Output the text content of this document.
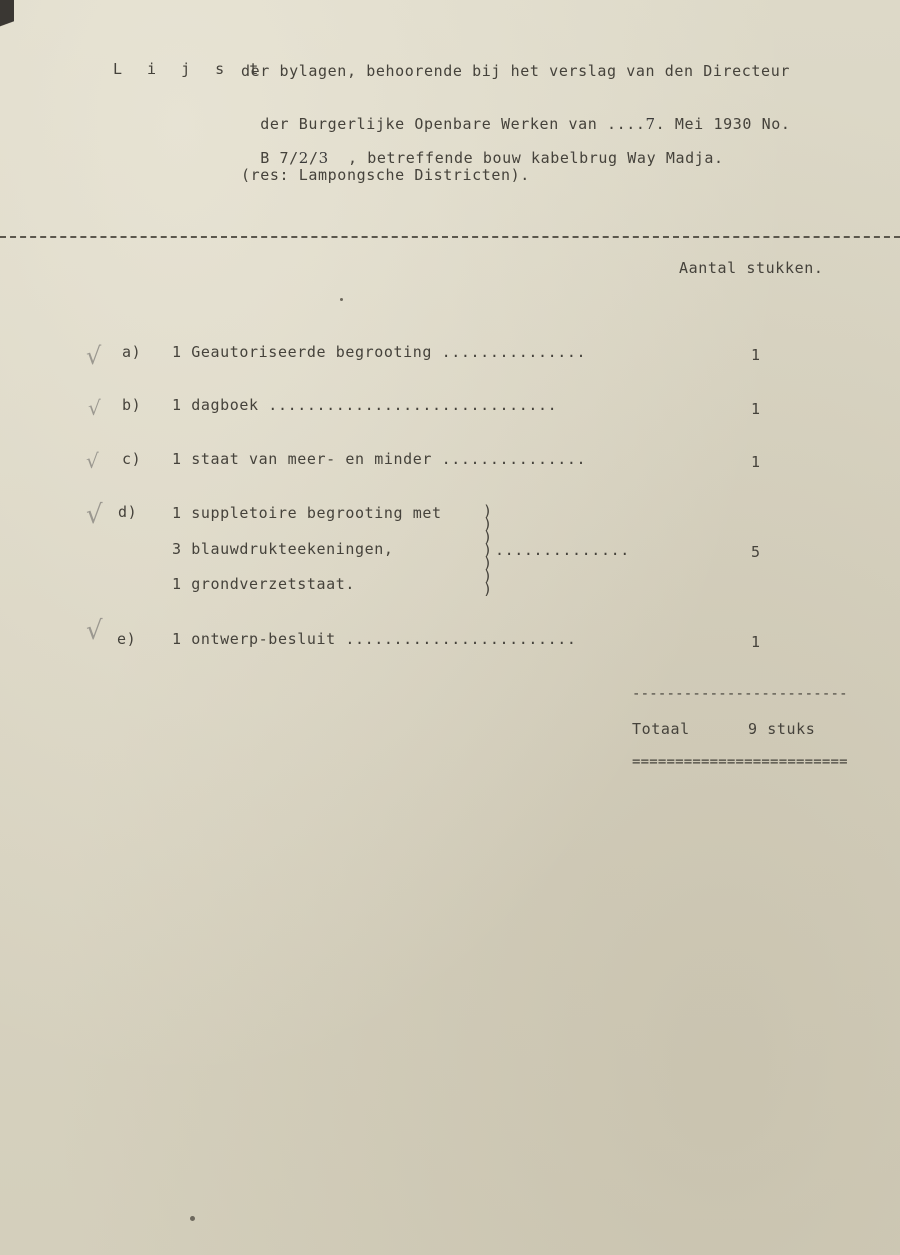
L i j s t
der bylagen, behoorende bij het verslag van den Directeur

der Burgerlijke Openbare Werken van ....7. Mei 1930 No.

B 7/2/3  , betreffende bouw kabelbrug Way Madja.

(res: Lampongsche Districten).
Aantal stukken.
√ a) 1 Geautoriseerde begrooting ...............	1
√ b) 1 dagboek ..............................	1
√ c) 1 staat van meer- en minder ...............	1
√ d) 1 suppletoire begrooting met
3 blauwdrukteekeningen,
1 grondverzetstaat.
)
)
)
)
)
)
)
..............	5
√ e) 1 ontwerp-besluit ........................	1
-------------------------
Totaal	9 stuks
=========================
